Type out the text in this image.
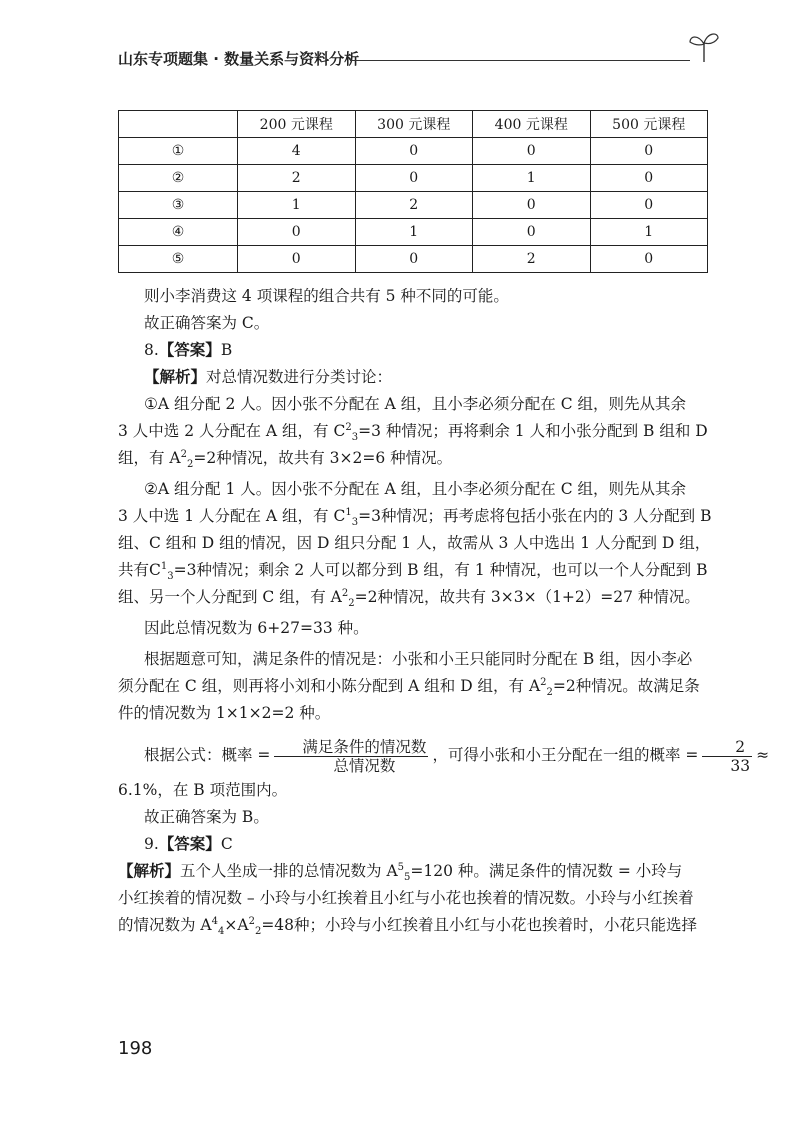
山东专项题集 · 数量关系与资料分析
	200 元课程	300 元课程	400 元课程	500 元课程
①	4	0	0	0
②	2	0	1	0
③	1	2	0	0
④	0	1	0	1
⑤	0	0	2	0

则小李消费这 4 项课程的组合共有 5 种不同的可能。

故正确答案为 C。

8.【答案】B

【解析】对总情况数进行分类讨论：

①A 组分配 2 人。因小张不分配在 A 组，且小李必须分配在 C 组，则先从其余

3 人中选 2 人分配在 A 组，有 $C^2_3=3$ 种情况；再将剩余 1 人和小张分配到 B 组和 D

组，有 $A^2_2=2$种情况，故共有 3×2=6 种情况。

②A 组分配 1 人。因小张不分配在 A 组，且小李必须分配在 C 组，则先从其余

3 人中选 1 人分配在 A 组，有 $C^1_3=3$种情况；再考虑将包括小张在内的 3 人分配到 B

组、C 组和 D 组的情况，因 D 组只分配 1 人，故需从 3 人中选出 1 人分配到 D 组，

共有$C^1_3=3$种情况；剩余 2 人可以都分到 B 组，有 1 种情况，也可以一个人分配到 B

组、另一个人分配到 C 组，有 $A^2_2=2$种情况，故共有 3×3×（1+2）=27 种情况。

因此总情况数为 6+27=33 种。

根据题意可知，满足条件的情况是：小张和小王只能同时分配在 B 组，因小李必

须分配在 C 组，则再将小刘和小陈分配到 A 组和 D 组，有 $A^2_2=2$种情况。故满足条

件的情况数为 1×1×2=2 种。

根据公式：概率 = $\frac{\text{满足条件的情况数}}{\text{总情况数}}$ ，可得小张和小王分配在一组的概率 = $\frac{2}{33}$ ≈

6.1%，在 B 项范围内。

故正确答案为 B。

9.【答案】C

【解析】五个人坐成一排的总情况数为 $A^5_5=120$ 种。满足条件的情况数 = 小玲与

小红挨着的情况数 – 小玲与小红挨着且小红与小花也挨着的情况数。小玲与小红挨着

的情况数为 $A^4_4\times A^2_2=48$种；小玲与小红挨着且小红与小花也挨着时，小花只能选择

198
